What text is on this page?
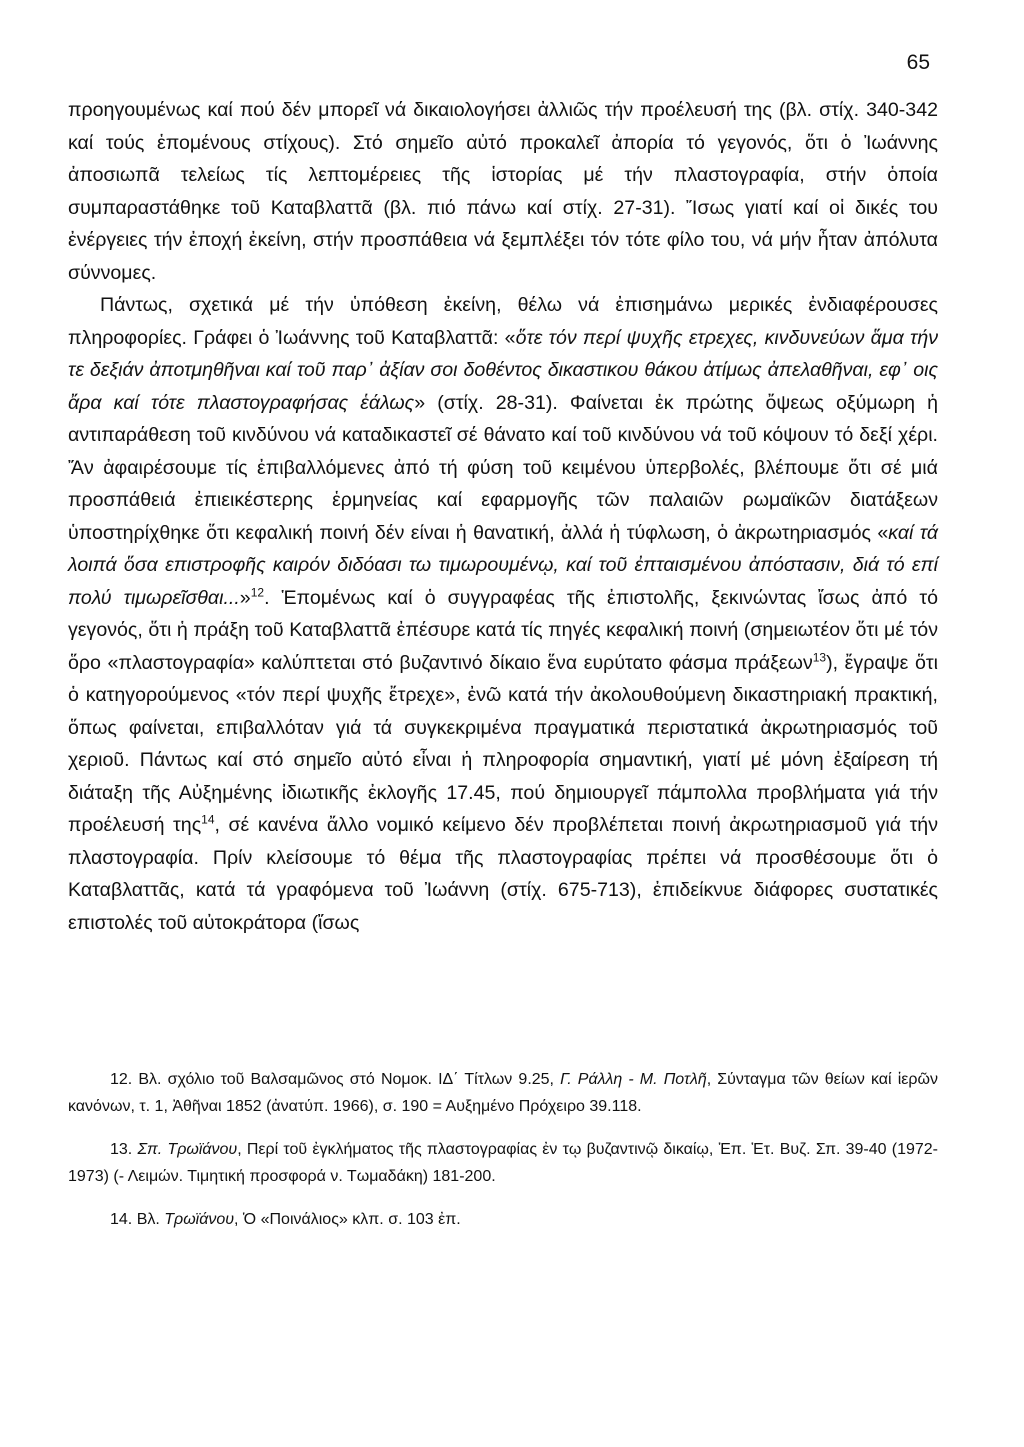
65

προηγουμένως καί πού δέν μπορεῖ νά δικαιολογήσει ἀλλιῶς τήν προέλευσή της (βλ. στίχ. 340-342 καί τούς ἑπομένους στίχους). Στό σημεῖο αὐτό προκαλεῖ ἀπορία τό γεγονός, ὅτι ὁ Ἰωάννης ἀποσιωπᾶ τελείως τίς λεπτομέρειες τῆς ἱστορίας μέ τήν πλαστογραφία, στήν ὁποία συμπαραστάθηκε τοῦ Καταβλαττᾶ (βλ. πιό πάνω καί στίχ. 27-31). Ἴσως γιατί καί οἱ δικές του ἐνέργειες τήν ἐποχή ἐκείνη, στήν προσπάθεια νά ξεμπλέξει τόν τότε φίλο του, νά μήν ἦταν ἀπόλυτα σύννομες.

Πάντως, σχετικά μέ τήν ὑπόθεση ἐκείνη, θέλω νά ἐπισημάνω μερικές ἐνδιαφέρουσες πληροφορίες. Γράφει ὁ Ἰωάννης τοῦ Καταβλαττᾶ: «ὅτε τόν περί ψυχῆς ετρεχες, κινδυνεύων ἅμα τήν τε δεξιάν ἀποτμηθῆναι καί τοῦ παρ᾿ ἀξίαν σοι δοθέντος δικαστικου θάκου ἀτίμως ἀπελαθῆναι, εφ᾿ οις ἄρα καί τότε πλαστογραφήσας ἑάλως» (στίχ. 28-31). Φαίνεται ἐκ πρώτης ὄψεως οξύμωρη ἡ αντιπαράθεση τοῦ κινδύνου νά καταδικαστεῖ σέ θάνατο καί τοῦ κινδύνου νά τοῦ κόψουν τό δεξί χέρι. Ἄν ἀφαιρέσουμε τίς ἐπιβαλλόμενες ἀπό τή φύση τοῦ κειμένου ὑπερβολές, βλέπουμε ὅτι σέ μιά προσπάθειά ἐπιεικέστερης ἑρμηνείας καί εφαρμογῆς τῶν παλαιῶν ρωμαϊκῶν διατάξεων ὑποστηρίχθηκε ὅτι κεφαλική ποινή δέν είναι ἡ θανατική, ἀλλά ἡ τύφλωση, ὁ ἀκρωτηριασμός «καί τά λοιπά ὅσα επιστροφῆς καιρόν διδόασι τω τιμωρουμένῳ, καί τοῦ ἐπταισμένου ἀπόστασιν, διά τό επί πολύ τιμωρεῖσθαι...»$^{12}$. Ἑπομένως καί ὁ συγγραφέας τῆς ἐπιστολῆς, ξεκινώντας ἴσως ἀπό τό γεγονός, ὅτι ἡ πράξη τοῦ Καταβλαττᾶ ἐπέσυρε κατά τίς πηγές κεφαλική ποινή (σημειωτέον ὅτι μέ τόν ὅρο «πλαστογραφία» καλύπτεται στό βυζαντινό δίκαιο ἕνα ευρύτατο φάσμα πράξεων$^{13}$), ἔγραψε ὅτι ὁ κατηγορούμενος «τόν περί ψυχῆς ἔτρεχε», ἐνῶ κατά τήν ἀκολουθούμενη δικαστηριακή πρακτική, ὅπως φαίνεται, επιβαλλόταν γιά τά συγκεκριμένα πραγματικά περιστατικά ἀκρωτηριασμός τοῦ χεριοῦ. Πάντως καί στό σημεῖο αὐτό εἶναι ἡ πληροφορία σημαντική, γιατί μέ μόνη ἐξαίρεση τή διάταξη τῆς Αὐξημένης ἰδιωτικῆς ἐκλογῆς 17.45, πού δημιουργεῖ πάμπολλα προβλήματα γιά τήν προέλευσή της$^{14}$, σέ κανένα ἄλλο νομικό κείμενο δέν προβλέπεται ποινή ἀκρωτηριασμοῦ γιά τήν πλαστογραφία. Πρίν κλείσουμε τό θέμα τῆς πλαστογραφίας πρέπει νά προσθέσουμε ὅτι ὁ Καταβλαττᾶς, κατά τά γραφόμενα τοῦ Ἰωάννη (στίχ. 675-713), ἐπιδείκνυε διάφορες συστατικές επιστολές τοῦ αὐτοκράτορα (ἴσως

12. Βλ. σχόλιο τοῦ Βαλσαμῶνος στό Νομοκ. ΙΔ΄ Τίτλων 9.25, Γ. Ράλλη - Μ. Ποτλῆ, Σύνταγμα τῶν θείων καί ἱερῶν κανόνων, τ. 1, Ἀθῆναι 1852 (ἀνατύπ. 1966), σ. 190 = Αυξημένο Πρόχειρο 39.118.

13. Σπ. Τρωϊάνου, Περί τοῦ ἐγκλήματος τῆς πλαστογραφίας ἐν τῳ βυζαντινῷ δικαίῳ, Ἐπ. Ἑτ. Βυζ. Σπ. 39-40 (1972-1973) (- Λειμών. Τιμητική προσφορά ν. Τωμαδάκη) 181-200.

14. Βλ. Τρωϊάνου, Ὁ «Ποινάλιος» κλπ. σ. 103 ἐπ.
